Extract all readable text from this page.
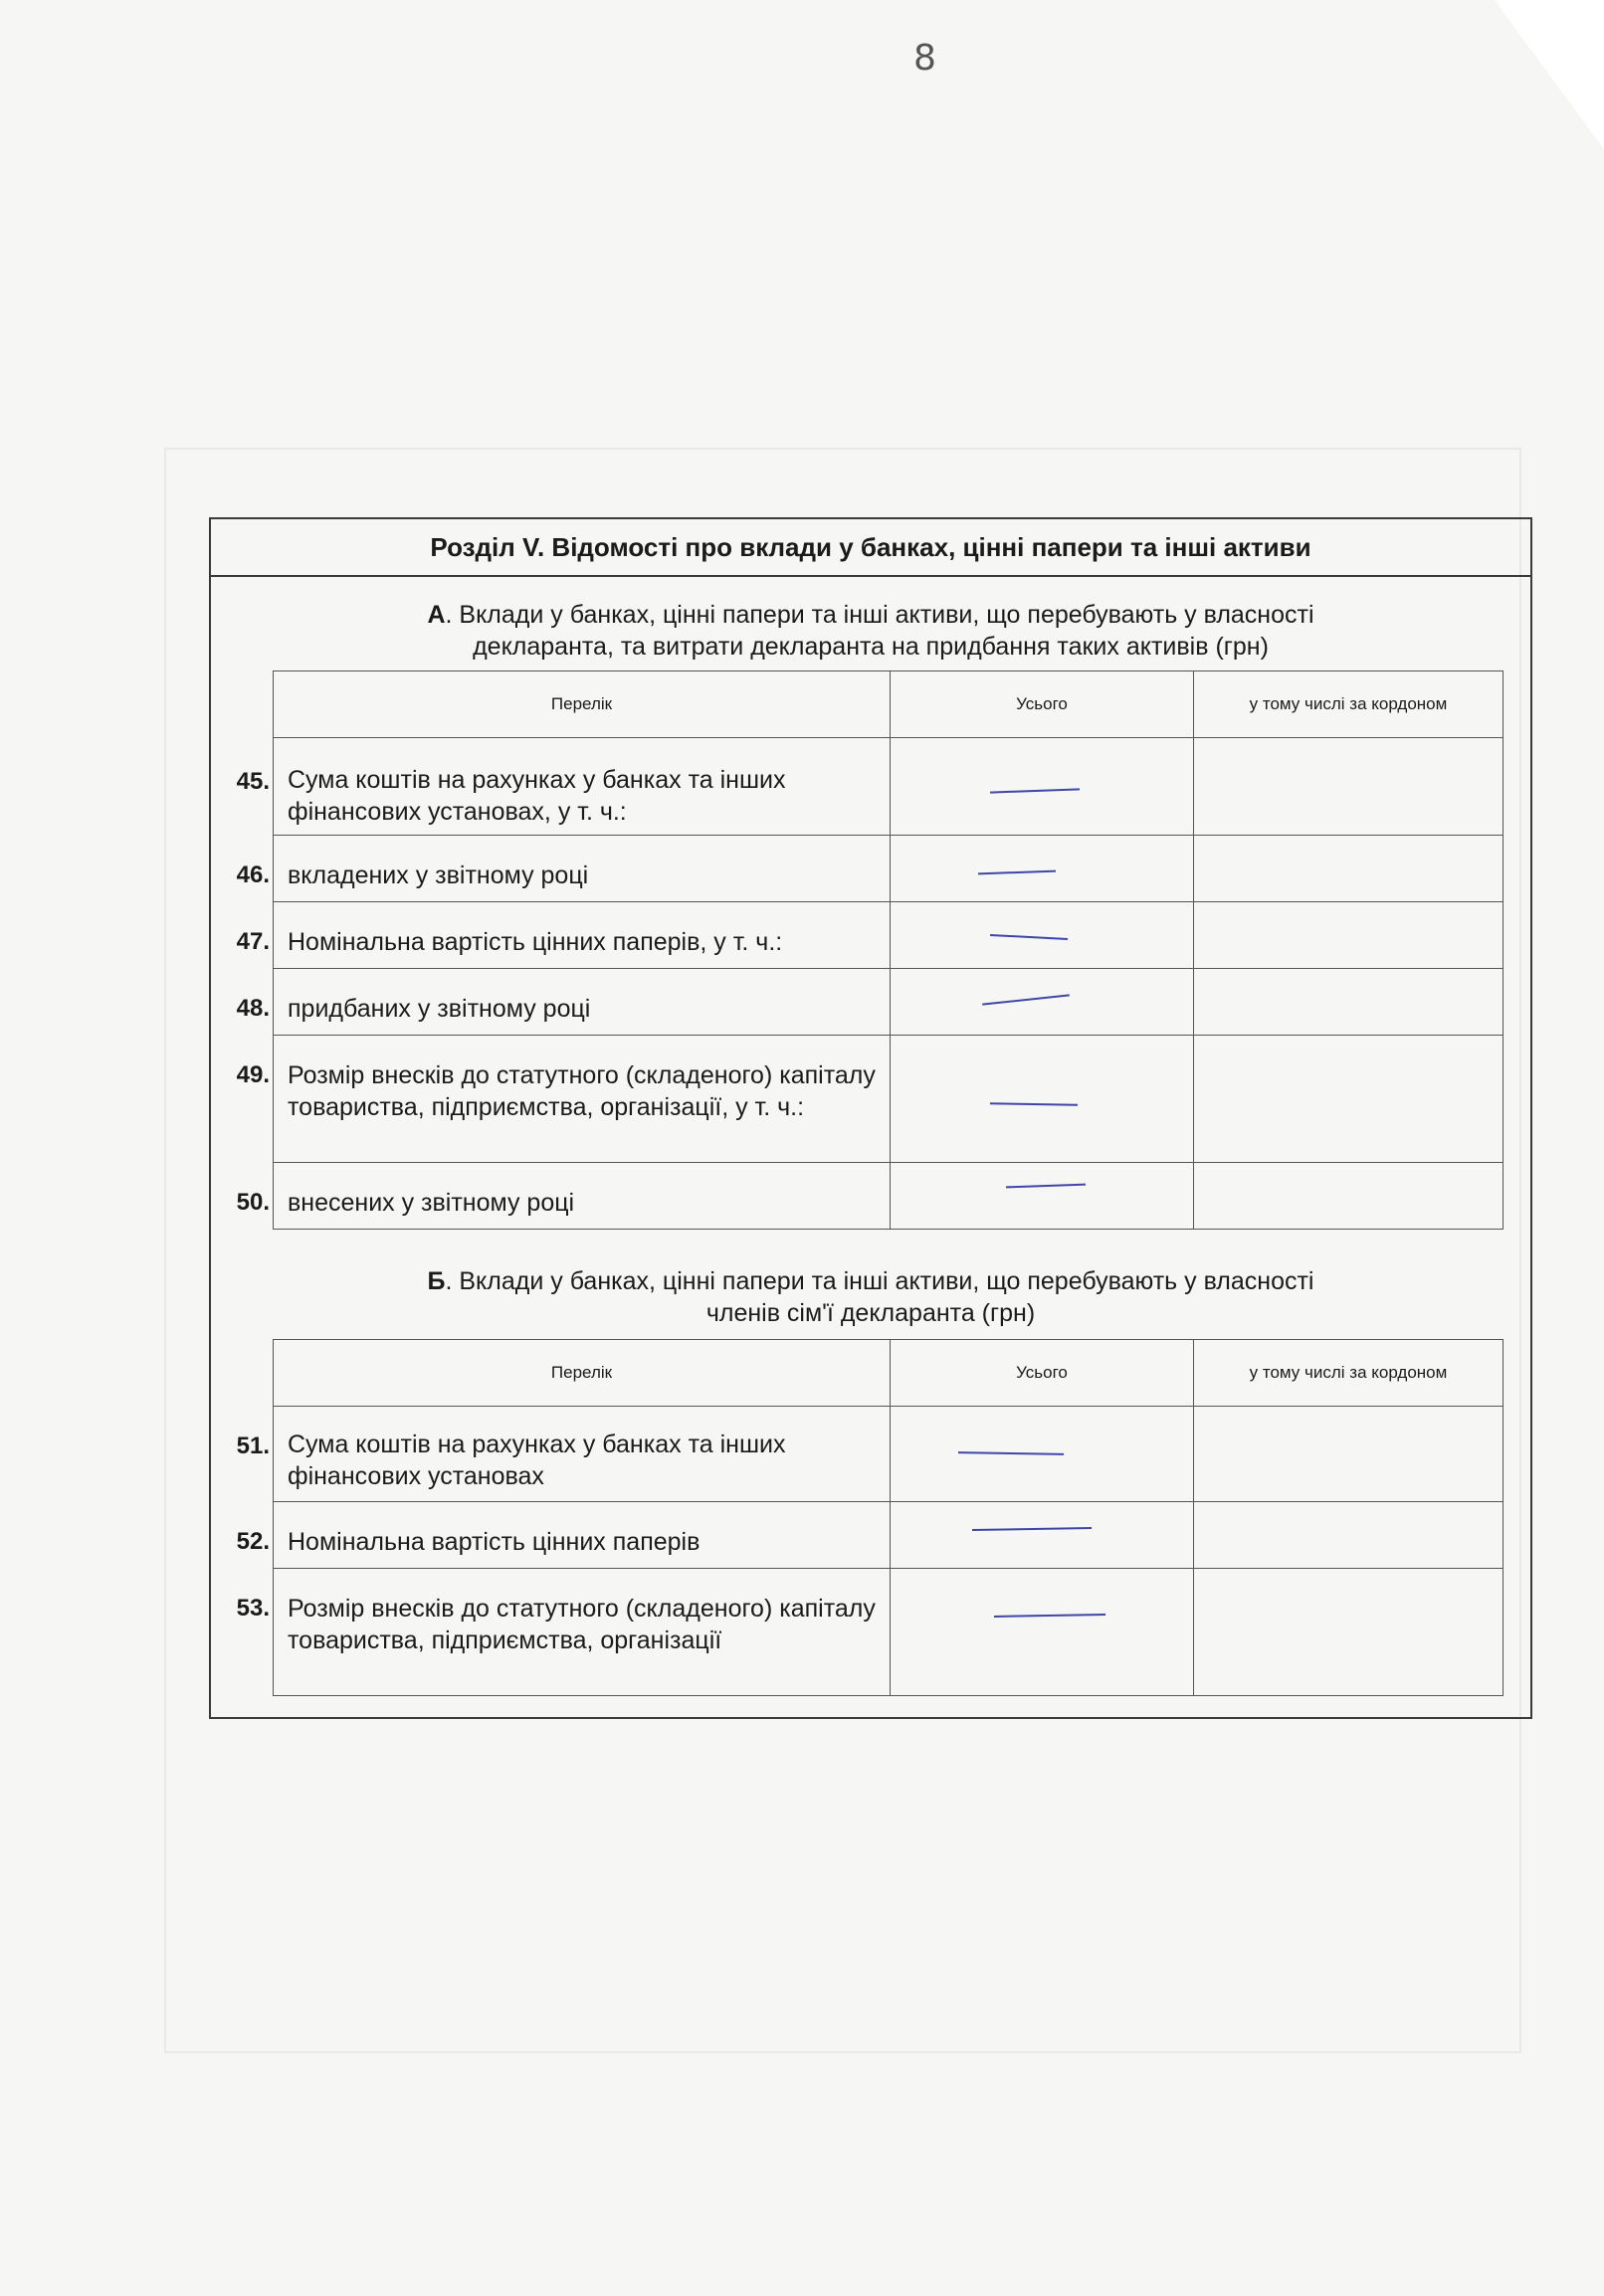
8
Розділ V. Відомості про вклади у банках, цінні папери та інші активи
А. Вклади у банках, цінні папери та інші активи, що перебувають у власності
декларанта, та витрати декларанта на придбання таких активів (грн)
Перелік	Усього	у тому числі за кордоном

45. Сума коштів на рахунках у банках та інших фінансових установах, у т. ч.:		

46. вкладених у звітному році		

47. Номінальна вартість цінних паперів, у т. ч.:		

48. придбаних у звітному році		

49. Розмір внесків до статутного (складеного) капіталу товариства, підприємства, організації, у т. ч.:		

50. внесених у звітному році		

Б. Вклади у банках, цінні папери та інші активи, що перебувають у власності
членів сім'ї декларанта (грн)
Перелік	Усього	у тому числі за кордоном

51. Сума коштів на рахунках у банках та інших фінансових установах		

52. Номінальна вартість цінних паперів		

53. Розмір внесків до статутного (складеного) капіталу товариства, підприємства, організації		
